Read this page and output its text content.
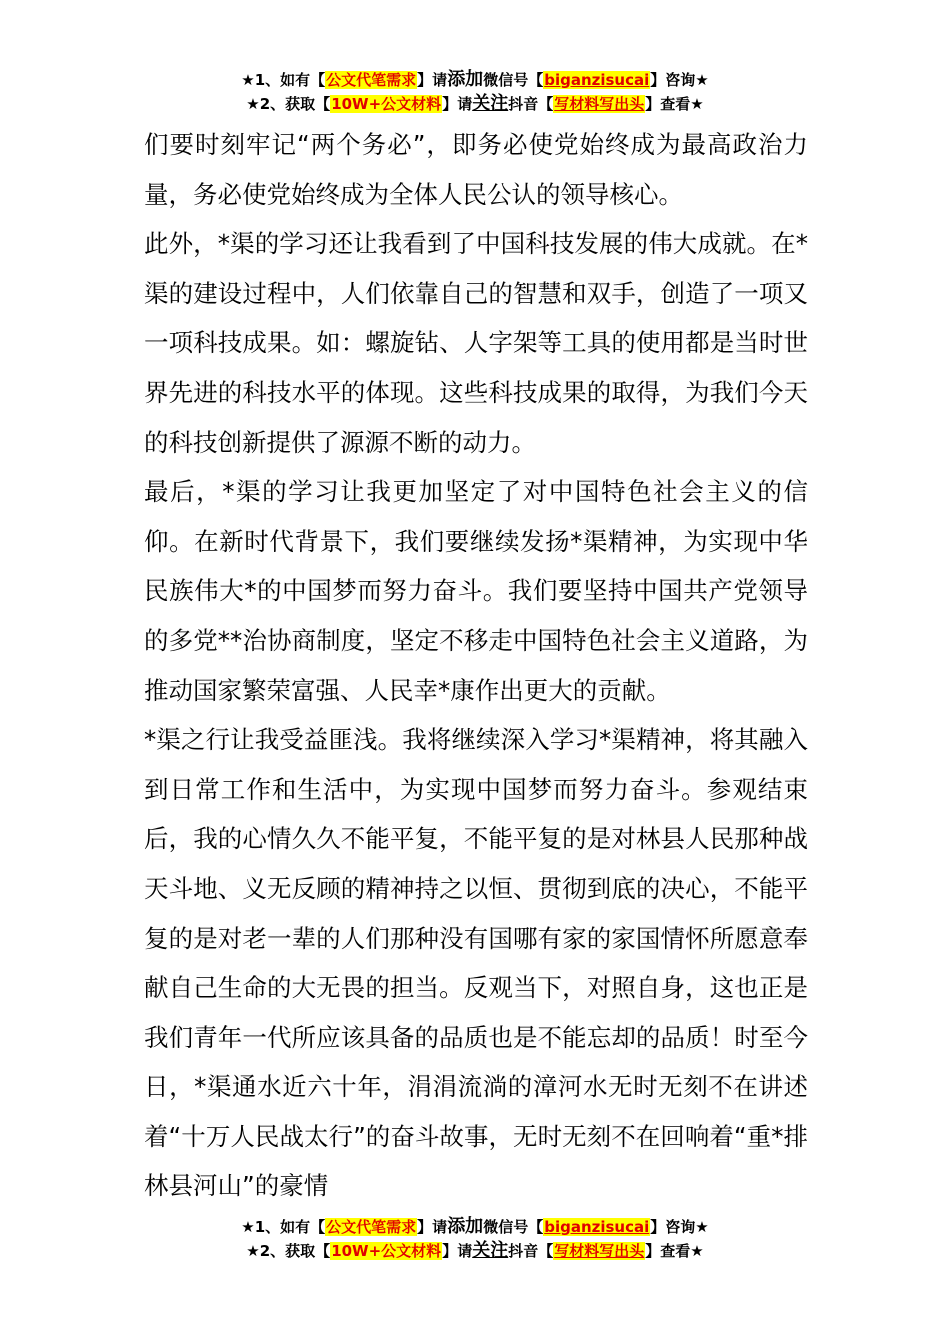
★1、如有【公文代笔需求】请添加微信号【biganzisucai】咨询★
★2、获取【10W+公文材料】请关注抖音【写材料写出头】查看★

们要时刻牢记“两个务必”，即务必使党始终成为最高政治力量，务必使党始终成为全体人民公认的领导核心。

此外，*渠的学习还让我看到了中国科技发展的伟大成就。在*渠的建设过程中，人们依靠自己的智慧和双手，创造了一项又一项科技成果。如：螺旋钻、人字架等工具的使用都是当时世界先进的科技水平的体现。这些科技成果的取得，为我们今天的科技创新提供了源源不断的动力。

最后，*渠的学习让我更加坚定了对中国特色社会主义的信仰。在新时代背景下，我们要继续发扬*渠精神，为实现中华民族伟大*的中国梦而努力奋斗。我们要坚持中国共产党领导的多党**治协商制度，坚定不移走中国特色社会主义道路，为推动国家繁荣富强、人民幸*康作出更大的贡献。

*渠之行让我受益匪浅。我将继续深入学习*渠精神，将其融入到日常工作和生活中，为实现中国梦而努力奋斗。参观结束后，我的心情久久不能平复，不能平复的是对林县人民那种战天斗地、义无反顾的精神持之以恒、贯彻到底的决心，不能平复的是对老一辈的人们那种没有国哪有家的家国情怀所愿意奉献自己生命的大无畏的担当。反观当下，对照自身，这也正是我们青年一代所应该具备的品质也是不能忘却的品质！时至今日，*渠通水近六十年，涓涓流淌的漳河水无时无刻不在讲述着“十万人民战太行”的奋斗故事，无时无刻不在回响着“重*排林县河山”的豪情

★1、如有【公文代笔需求】请添加微信号【biganzisucai】咨询★
★2、获取【10W+公文材料】请关注抖音【写材料写出头】查看★
